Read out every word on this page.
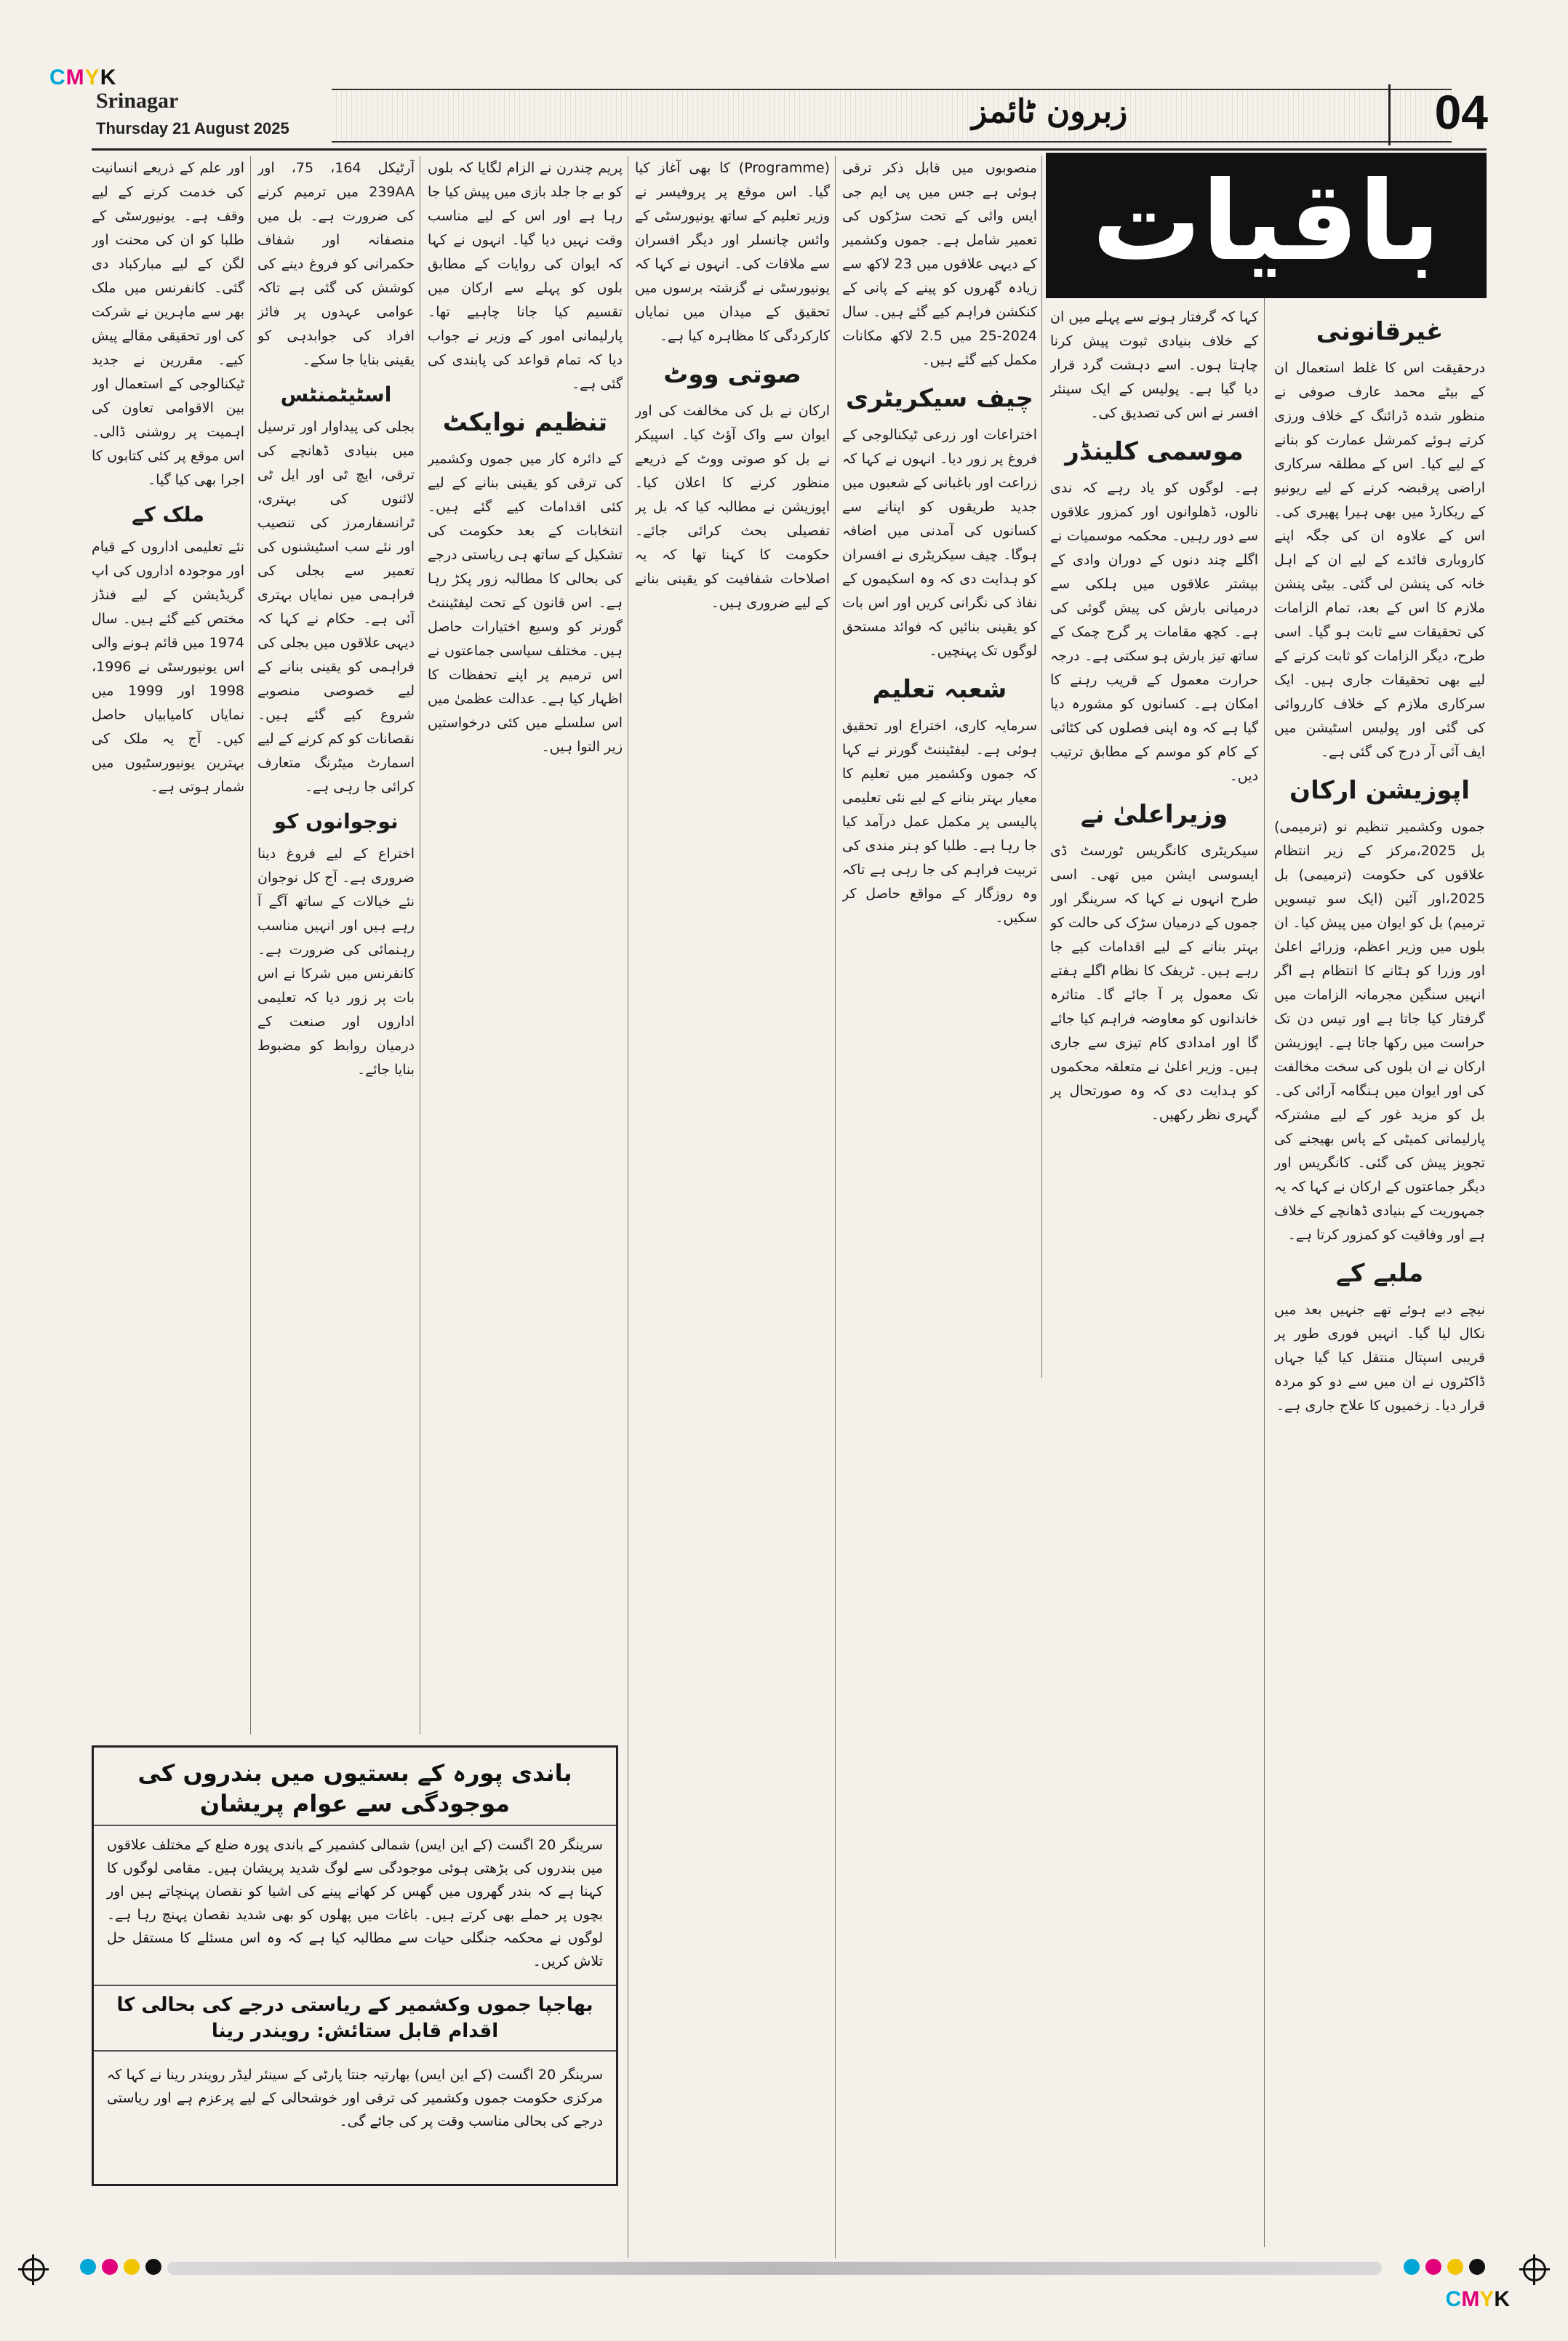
CMYK
CMYK
Srinagar
Thursday 21 August 2025	زبرون ٹائمز	04
باقیات
غیرقانونی

درحقیقت اس کا غلط استعمال ان کے بیٹے محمد عارف صوفی نے منظور شدہ ڈرائنگ کے خلاف ورزی کرتے ہوئے کمرشل عمارت کو بنانے کے لیے کیا۔ اس کے مطلقہ سرکاری اراضی پرقبضہ کرنے کے لیے ریونیو کے ریکارڈ میں بھی ہیرا پھیری کی۔ اس کے علاوہ ان کی جگہ اپنے کاروباری فائدے کے لیے ان کے اہل خانہ کی پنشن لی گئی۔ بیٹی پنشن ملازم کا اس کے بعد، تمام الزامات کی تحقیقات سے ثابت ہو گیا۔ اسی طرح، دیگر الزامات کو ثابت کرنے کے لیے بھی تحقیقات جاری ہیں۔ ایک سرکاری ملازم کے خلاف کارروائی کی گئی اور پولیس اسٹیشن میں ایف آئی آر درج کی گئی ہے۔

اپوزیشن ارکان

جموں وکشمیر تنظیم نو (ترمیمی) بل 2025،مرکز کے زیر انتظام علاقوں کی حکومت (ترمیمی) بل 2025،اور آئین (ایک سو تیسویں ترمیم) بل کو ایوان میں پیش کیا۔ ان بلوں میں وزیر اعظم، وزرائے اعلیٰ اور وزرا کو ہٹانے کا انتظام ہے اگر انہیں سنگین مجرمانہ الزامات میں گرفتار کیا جاتا ہے اور تیس دن تک حراست میں رکھا جاتا ہے۔ اپوزیشن ارکان نے ان بلوں کی سخت مخالفت کی اور ایوان میں ہنگامہ آرائی کی۔ بل کو مزید غور کے لیے مشترکہ پارلیمانی کمیٹی کے پاس بھیجنے کی تجویز پیش کی گئی۔ کانگریس اور دیگر جماعتوں کے ارکان نے کہا کہ یہ جمہوریت کے بنیادی ڈھانچے کے خلاف ہے اور وفاقیت کو کمزور کرتا ہے۔

ملبے کے

نیچے دبے ہوئے تھے جنہیں بعد میں نکال لیا گیا۔ انہیں فوری طور پر قریبی اسپتال منتقل کیا گیا جہاں ڈاکٹروں نے ان میں سے دو کو مردہ قرار دیا۔ زخمیوں کا علاج جاری ہے۔

کہا کہ گرفتار ہونے سے پہلے میں ان کے خلاف بنیادی ثبوت پیش کرنا چاہتا ہوں۔ اسے دہشت گرد قرار دیا گیا ہے۔ پولیس کے ایک سینئر افسر نے اس کی تصدیق کی۔

موسمی کلینڈر

ہے۔ لوگوں کو یاد رہے کہ ندی نالوں، ڈھلوانوں اور کمزور علاقوں سے دور رہیں۔ محکمہ موسمیات نے اگلے چند دنوں کے دوران وادی کے بیشتر علاقوں میں ہلکی سے درمیانی بارش کی پیش گوئی کی ہے۔ کچھ مقامات پر گرج چمک کے ساتھ تیز بارش ہو سکتی ہے۔ درجہ حرارت معمول کے قریب رہنے کا امکان ہے۔ کسانوں کو مشورہ دیا گیا ہے کہ وہ اپنی فصلوں کی کٹائی کے کام کو موسم کے مطابق ترتیب دیں۔

وزیراعلیٰ نے

سیکریٹری کانگریس ٹورسٹ ڈی ایسوسی ایشن میں تھی۔ اسی طرح انہوں نے کہا کہ سرینگر اور جموں کے درمیان سڑک کی حالت کو بہتر بنانے کے لیے اقدامات کیے جا رہے ہیں۔ ٹریفک کا نظام اگلے ہفتے تک معمول پر آ جائے گا۔ متاثرہ خاندانوں کو معاوضہ فراہم کیا جائے گا اور امدادی کام تیزی سے جاری ہیں۔ وزیر اعلیٰ نے متعلقہ محکموں کو ہدایت دی کہ وہ صورتحال پر گہری نظر رکھیں۔

منصوبوں میں قابل ذکر ترقی ہوئی ہے جس میں پی ایم جی ایس وائی کے تحت سڑکوں کی تعمیر شامل ہے۔ جموں وکشمیر کے دیہی علاقوں میں 23 لاکھ سے زیادہ گھروں کو پینے کے پانی کے کنکشن فراہم کیے گئے ہیں۔ سال 2024-25 میں 2.5 لاکھ مکانات مکمل کیے گئے ہیں۔

چیف سیکریٹری

اختراعات اور زرعی ٹیکنالوجی کے فروغ پر زور دیا۔ انہوں نے کہا کہ زراعت اور باغبانی کے شعبوں میں جدید طریقوں کو اپنانے سے کسانوں کی آمدنی میں اضافہ ہوگا۔ چیف سیکریٹری نے افسران کو ہدایت دی کہ وہ اسکیموں کے نفاذ کی نگرانی کریں اور اس بات کو یقینی بنائیں کہ فوائد مستحق لوگوں تک پہنچیں۔

شعبہ تعلیم

سرمایہ کاری، اختراع اور تحقیق ہوئی ہے۔ لیفٹیننٹ گورنر نے کہا کہ جموں وکشمیر میں تعلیم کا معیار بہتر بنانے کے لیے نئی تعلیمی پالیسی پر مکمل عمل درآمد کیا جا رہا ہے۔ طلبا کو ہنر مندی کی تربیت فراہم کی جا رہی ہے تاکہ وہ روزگار کے مواقع حاصل کر سکیں۔

(Programme) کا بھی آغاز کیا گیا۔ اس موقع پر پروفیسر نے وزیر تعلیم کے ساتھ یونیورسٹی کے وائس چانسلر اور دیگر افسران سے ملاقات کی۔ انہوں نے کہا کہ یونیورسٹی نے گزشتہ برسوں میں تحقیق کے میدان میں نمایاں کارکردگی کا مظاہرہ کیا ہے۔

صوتی ووٹ

ارکان نے بل کی مخالفت کی اور ایوان سے واک آؤٹ کیا۔ اسپیکر نے بل کو صوتی ووٹ کے ذریعے منظور کرنے کا اعلان کیا۔ اپوزیشن نے مطالبہ کیا کہ بل پر تفصیلی بحث کرائی جائے۔ حکومت کا کہنا تھا کہ یہ اصلاحات شفافیت کو یقینی بنانے کے لیے ضروری ہیں۔

پریم چندرن نے الزام لگایا کہ بلوں کو بے جا جلد بازی میں پیش کیا جا رہا ہے اور اس کے لیے مناسب وقت نہیں دیا گیا۔ انہوں نے کہا کہ ایوان کی روایات کے مطابق بلوں کو پہلے سے ارکان میں تقسیم کیا جانا چاہیے تھا۔ پارلیمانی امور کے وزیر نے جواب دیا کہ تمام قواعد کی پابندی کی گئی ہے۔

تنظیم نوایکٹ

کے دائرہ کار میں جموں وکشمیر کی ترقی کو یقینی بنانے کے لیے کئی اقدامات کیے گئے ہیں۔ انتخابات کے بعد حکومت کی تشکیل کے ساتھ ہی ریاستی درجے کی بحالی کا مطالبہ زور پکڑ رہا ہے۔ اس قانون کے تحت لیفٹیننٹ گورنر کو وسیع اختیارات حاصل ہیں۔ مختلف سیاسی جماعتوں نے اس ترمیم پر اپنے تحفظات کا اظہار کیا ہے۔ عدالت عظمیٰ میں اس سلسلے میں کئی درخواستیں زیر التوا ہیں۔

آرٹیکل 164، 75، اور 239AA میں ترمیم کرنے کی ضرورت ہے۔ بل میں منصفانہ اور شفاف حکمرانی کو فروغ دینے کی کوشش کی گئی ہے تاکہ عوامی عہدوں پر فائز افراد کی جوابدہی کو یقینی بنایا جا سکے۔

اسٹیٹمنٹس

بجلی کی پیداوار اور ترسیل میں بنیادی ڈھانچے کی ترقی، ایچ ٹی اور ایل ٹی لائنوں کی بہتری، ٹرانسفارمرز کی تنصیب اور نئے سب اسٹیشنوں کی تعمیر سے بجلی کی فراہمی میں نمایاں بہتری آئی ہے۔ حکام نے کہا کہ دیہی علاقوں میں بجلی کی فراہمی کو یقینی بنانے کے لیے خصوصی منصوبے شروع کیے گئے ہیں۔ نقصانات کو کم کرنے کے لیے اسمارٹ میٹرنگ متعارف کرائی جا رہی ہے۔

نوجوانوں کو

اختراع کے لیے فروغ دینا ضروری ہے۔ آج کل نوجوان نئے خیالات کے ساتھ آگے آ رہے ہیں اور انہیں مناسب رہنمائی کی ضرورت ہے۔ کانفرنس میں شرکا نے اس بات پر زور دیا کہ تعلیمی اداروں اور صنعت کے درمیان روابط کو مضبوط بنایا جائے۔

اور علم کے ذریعے انسانیت کی خدمت کرنے کے لیے وقف ہے۔ یونیورسٹی کے طلبا کو ان کی محنت اور لگن کے لیے مبارکباد دی گئی۔ کانفرنس میں ملک بھر سے ماہرین نے شرکت کی اور تحقیقی مقالے پیش کیے۔ مقررین نے جدید ٹیکنالوجی کے استعمال اور بین الاقوامی تعاون کی اہمیت پر روشنی ڈالی۔ اس موقع پر کئی کتابوں کا اجرا بھی کیا گیا۔

ملک کے

نئے تعلیمی اداروں کے قیام اور موجودہ اداروں کی اپ گریڈیشن کے لیے فنڈز مختص کیے گئے ہیں۔ سال 1974 میں قائم ہونے والی اس یونیورسٹی نے 1996، 1998 اور 1999 میں نمایاں کامیابیاں حاصل کیں۔ آج یہ ملک کی بہترین یونیورسٹیوں میں شمار ہوتی ہے۔

باندی پورہ کے بستیوں میں بندروں کی موجودگی سے عوام پریشان
سرینگر 20 اگست (کے این ایس) شمالی کشمیر کے باندی پورہ ضلع کے مختلف علاقوں میں بندروں کی بڑھتی ہوئی موجودگی سے لوگ شدید پریشان ہیں۔ مقامی لوگوں کا کہنا ہے کہ بندر گھروں میں گھس کر کھانے پینے کی اشیا کو نقصان پہنچاتے ہیں اور بچوں پر حملے بھی کرتے ہیں۔ باغات میں پھلوں کو بھی شدید نقصان پہنچ رہا ہے۔ لوگوں نے محکمہ جنگلی حیات سے مطالبہ کیا ہے کہ وہ اس مسئلے کا مستقل حل تلاش کریں۔
بھاجپا جموں وکشمیر کے ریاستی درجے کی بحالی کا اقدام قابل ستائش: رویندر رینا
سرینگر 20 اگست (کے این ایس) بھارتیہ جنتا پارٹی کے سینئر لیڈر رویندر رینا نے کہا کہ مرکزی حکومت جموں وکشمیر کی ترقی اور خوشحالی کے لیے پرعزم ہے اور ریاستی درجے کی بحالی مناسب وقت پر کی جائے گی۔
